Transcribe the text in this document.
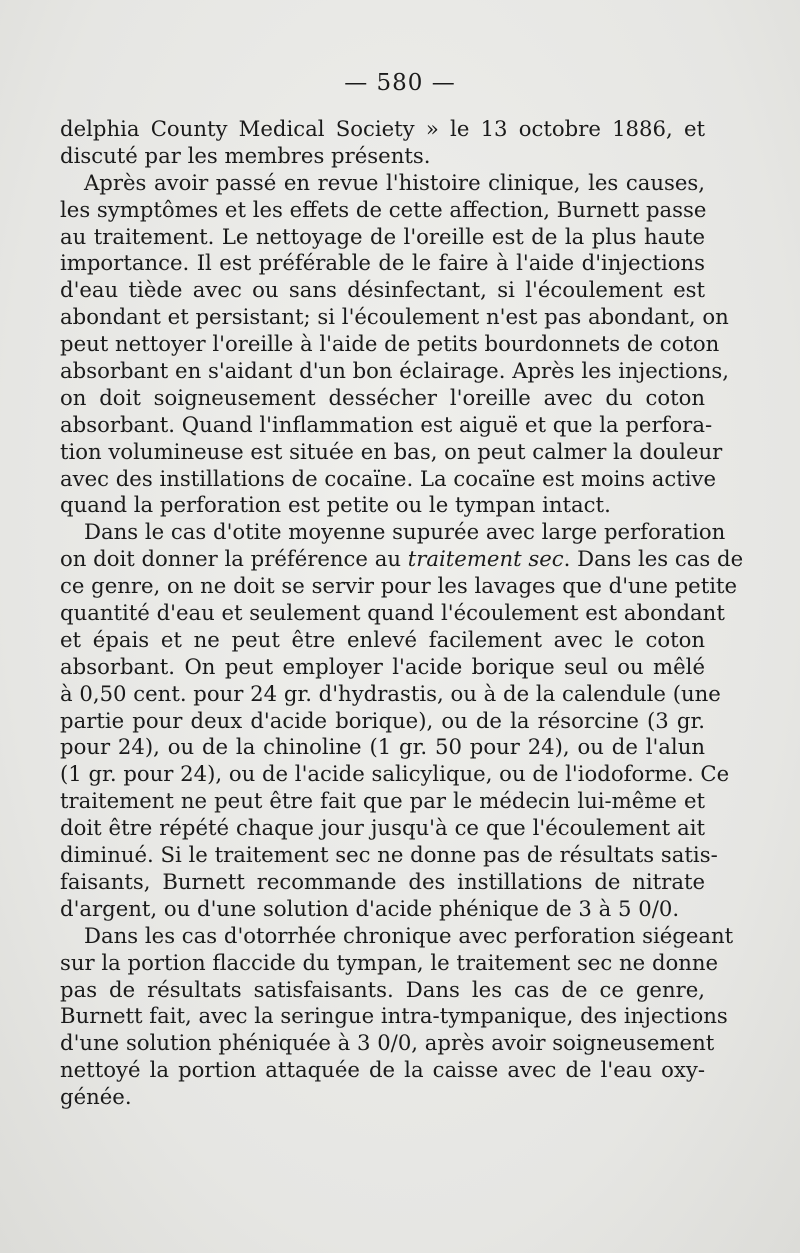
— 580 —
delphia County Medical Society » le 13 octobre 1886, et
discuté par les membres présents.
Après avoir passé en revue l'histoire clinique, les causes,
les symptômes et les effets de cette affection, Burnett passe
au traitement. Le nettoyage de l'oreille est de la plus haute
importance. Il est préférable de le faire à l'aide d'injections
d'eau tiède avec ou sans désinfectant, si l'écoulement est
abondant et persistant; si l'écoulement n'est pas abondant, on
peut nettoyer l'oreille à l'aide de petits bourdonnets de coton
absorbant en s'aidant d'un bon éclairage. Après les injections,
on doit soigneusement dessécher l'oreille avec du coton
absorbant. Quand l'inflammation est aiguë et que la perfora-
tion volumineuse est située en bas, on peut calmer la douleur
avec des instillations de cocaïne. La cocaïne est moins active
quand la perforation est petite ou le tympan intact.
Dans le cas d'otite moyenne supurée avec large perforation
on doit donner la préférence au traitement sec. Dans les cas de
ce genre, on ne doit se servir pour les lavages que d'une petite
quantité d'eau et seulement quand l'écoulement est abondant
et épais et ne peut être enlevé facilement avec le coton
absorbant. On peut employer l'acide borique seul ou mêlé
à 0,50 cent. pour 24 gr. d'hydrastis, ou à de la calendule (une
partie pour deux d'acide borique), ou de la résorcine (3 gr.
pour 24), ou de la chinoline (1 gr. 50 pour 24), ou de l'alun
(1 gr. pour 24), ou de l'acide salicylique, ou de l'iodoforme. Ce
traitement ne peut être fait que par le médecin lui-même et
doit être répété chaque jour jusqu'à ce que l'écoulement ait
diminué. Si le traitement sec ne donne pas de résultats satis-
faisants, Burnett recommande des instillations de nitrate
d'argent, ou d'une solution d'acide phénique de 3 à 5 0/0.
Dans les cas d'otorrhée chronique avec perforation siégeant
sur la portion flaccide du tympan, le traitement sec ne donne
pas de résultats satisfaisants. Dans les cas de ce genre,
Burnett fait, avec la seringue intra-tympanique, des injections
d'une solution phéniquée à 3 0/0, après avoir soigneusement
nettoyé la portion attaquée de la caisse avec de l'eau oxy-
génée.
